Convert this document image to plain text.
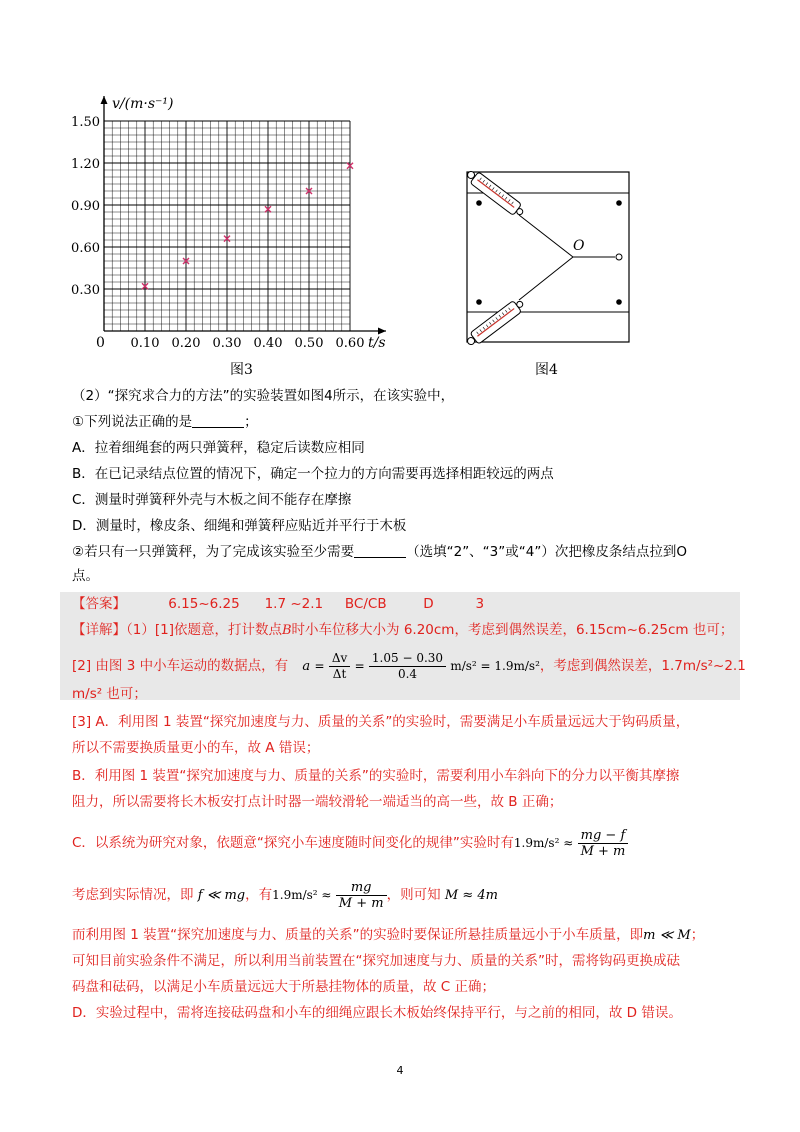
0.10 0.20 0.30 0.40 0.50 0.60
0.30
0.60
0.90
1.20
1.50
v/(m·s⁻¹)
t/s
0
图3
O
图4
（2）“探究求合力的方法”的实验装置如图4所示，在该实验中，
①下列说法正确的是	；
A．拉着细绳套的两只弹簧秤，稳定后读数应相同
B．在已记录结点位置的情况下，确定一个拉力的方向需要再选择相距较远的两点
C．测量时弹簧秤外壳与木板之间不能存在摩擦
D．测量时，橡皮条、细绳和弹簧秤应贴近并平行于木板
②若只有一只弹簧秤，为了完成该实验至少需要	（选填“2”、“3”或“4”）次把橡皮条结点拉到O
点。
【答案】	6.15~6.25 1.7 ~2.1 BC/CB	D	3
【详解】（1）[1]依题意，打计数点B时小车位移大小为 6.20cm，考虑到偶然误差，6.15cm~6.25cm 也可；
[2] 由图 3 中小车运动的数据点，有 $a = \frac{\Delta v}{\Delta t} = \frac{1.05 - 0.30}{0.4} m/s^2 = 1.9m/s^2$，考虑到偶然误差，1.7m/s²~2.1
m/s² 也可；
[3] A．利用图 1 装置“探究加速度与力、质量的关系”的实验时，需要满足小车质量远远大于钩码质量，
所以不需要换质量更小的车，故 A 错误；
B．利用图 1 装置“探究加速度与力、质量的关系”的实验时，需要利用小车斜向下的分力以平衡其摩擦
阻力，所以需要将长木板安打点计时器一端较滑轮一端适当的高一些，故 B 正确；
C．以系统为研究对象，依题意“探究小车速度随时间变化的规律”实验时有$1.9m/s^2 \approx \frac{mg - f}{M + m}$
考虑到实际情况，即 f ≪ mg，有$1.9m/s^2 \approx \frac{mg}{M + m}$ ，则可知 M ≈ 4m
而利用图 1 装置“探究加速度与力、质量的关系”的实验时要保证所悬挂质量远小于小车质量，即m ≪ M；
可知目前实验条件不满足，所以利用当前装置在“探究加速度与力、质量的关系”时，需将钩码更换成砝
码盘和砝码，以满足小车质量远远大于所悬挂物体的质量，故 C 正确；
D．实验过程中，需将连接砝码盘和小车的细绳应跟长木板始终保持平行，与之前的相同，故 D 错误。
4
